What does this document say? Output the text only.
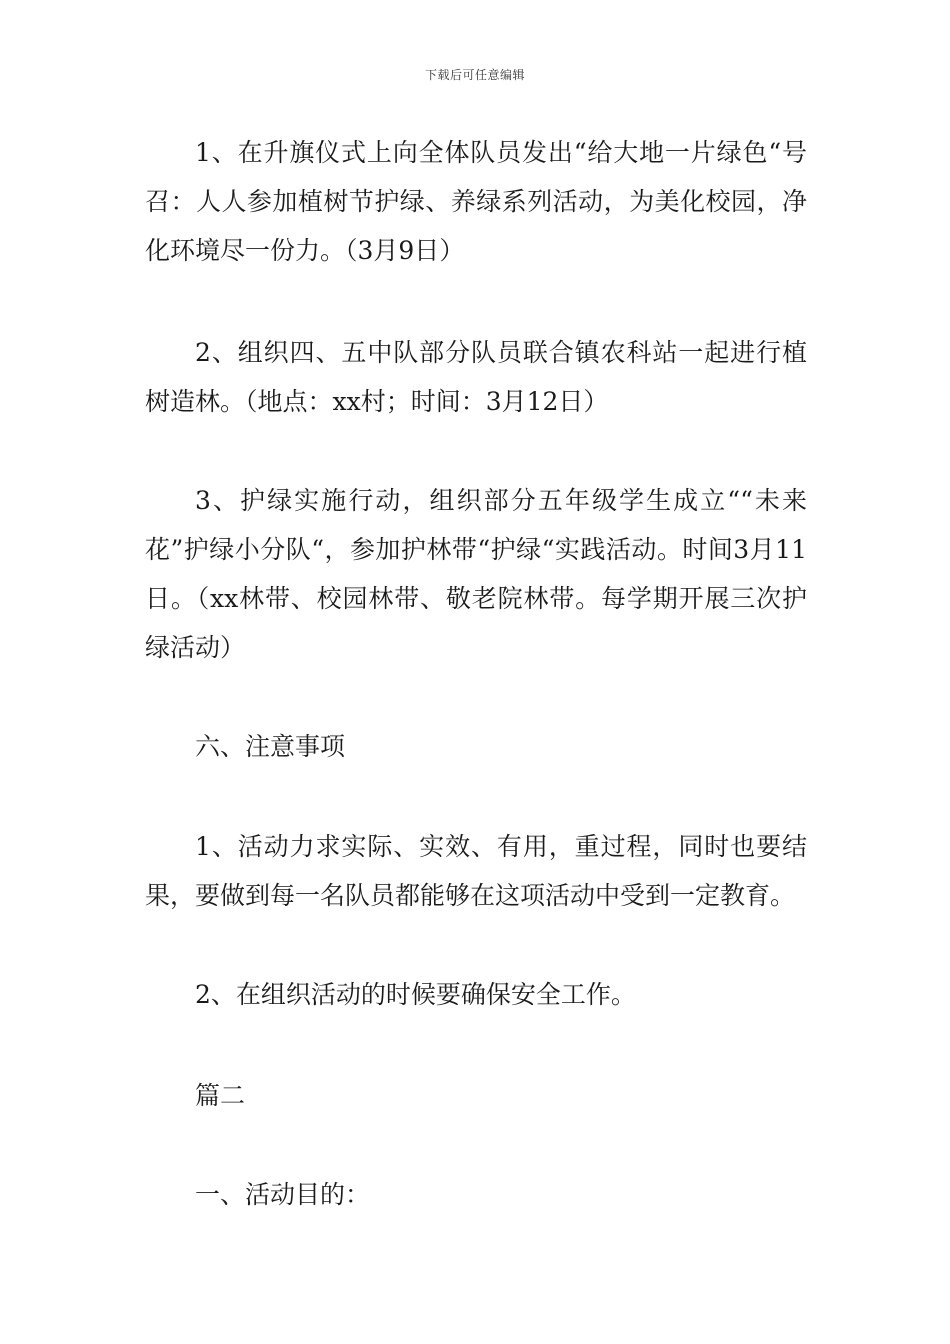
下载后可任意编辑

1、在升旗仪式上向全体队员发出“给大地一片绿色“号召：人人参加植树节护绿、养绿系列活动，为美化校园，净化环境尽一份力。（3月9日）

2、组织四、五中队部分队员联合镇农科站一起进行植树造林。（地点：xx村；时间：3月12日）

3、护绿实施行动，组织部分五年级学生成立““未来花”护绿小分队“，参加护林带“护绿“实践活动。时间3月11日。（xx林带、校园林带、敬老院林带。每学期开展三次护绿活动）

六、注意事项

1、活动力求实际、实效、有用，重过程，同时也要结果，要做到每一名队员都能够在这项活动中受到一定教育。

2、在组织活动的时候要确保安全工作。

篇二

一、活动目的：
